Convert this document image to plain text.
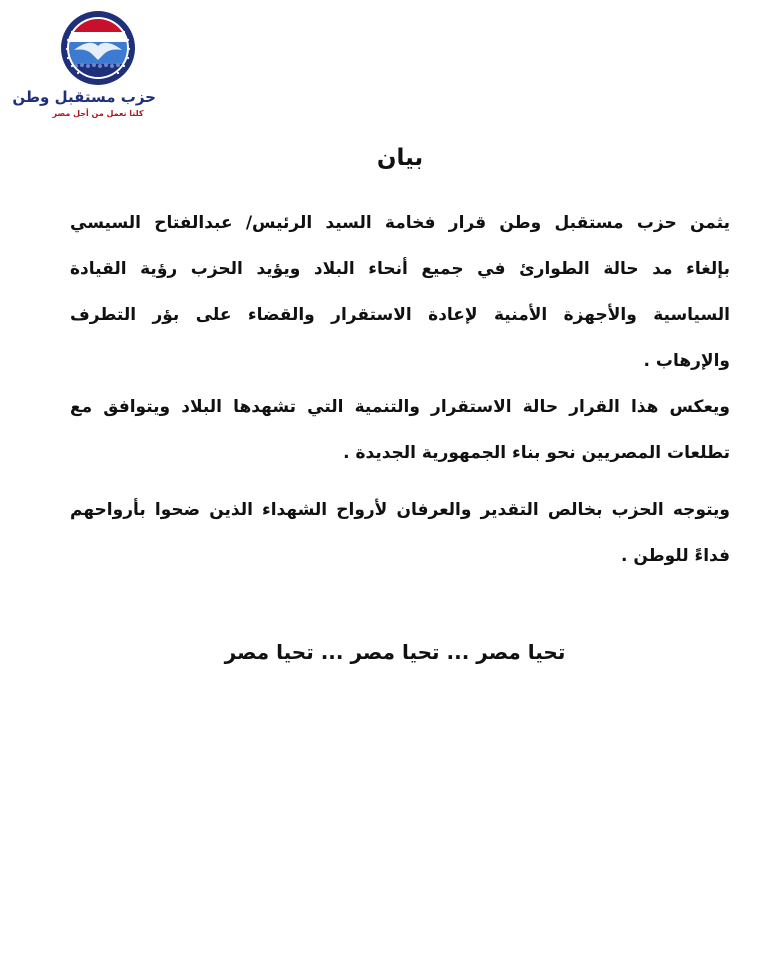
حزب مستقبل وطن
كلنا نعمل من أجل مصر
بيان
يثمن حزب مستقبل وطن قرار فخامة السيد الرئيس/ عبدالفتاح السيسي
بإلغاء مد حالة الطوارئ في جميع أنحاء البلاد ويؤيد الحزب رؤية القيادة
السياسية والأجهزة الأمنية لإعادة الاستقرار والقضاء على بؤر التطرف
والإرهاب .
ويعكس هذا القرار حالة الاستقرار والتنمية التي تشهدها البلاد ويتوافق مع
تطلعات المصريين نحو بناء الجمهورية الجديدة .
ويتوجه الحزب بخالص التقدير والعرفان لأرواح الشهداء الذين ضحوا بأرواحهم
فداءً للوطن .
تحيا مصر ... تحيا مصر ... تحيا مصر
